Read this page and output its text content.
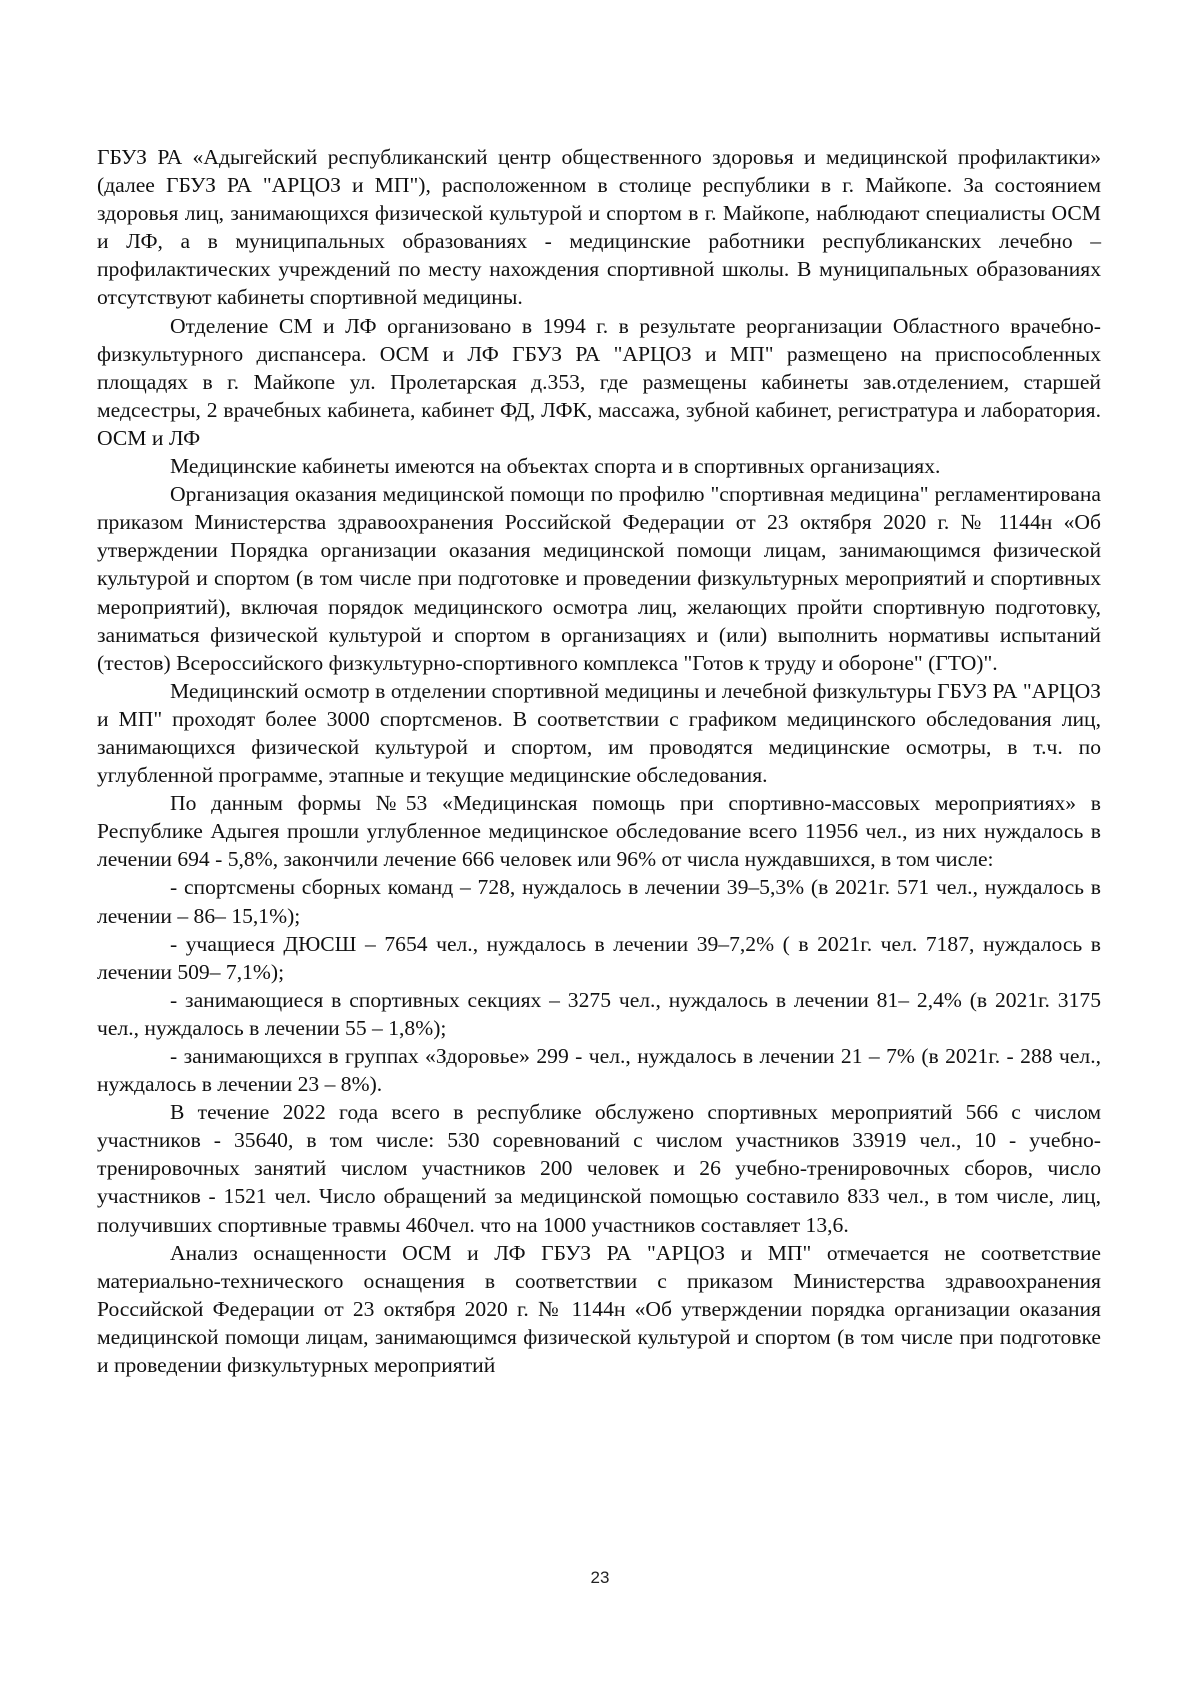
ГБУЗ РА «Адыгейский республиканский центр общественного здоровья и медицинской профилактики» (далее ГБУЗ РА "АРЦОЗ и МП"), расположенном в столице республики в г. Майкопе. За состоянием здоровья лиц, занимающихся физической культурой и спортом в г. Майкопе, наблюдают специалисты ОСМ и ЛФ, а в муниципальных образованиях - медицинские работники республиканских лечебно – профилактических учреждений по месту нахождения спортивной школы. В муниципальных образованиях отсутствуют кабинеты спортивной медицины.

Отделение СМ и ЛФ организовано в 1994 г. в результате реорганизации Областного врачебно-физкультурного диспансера. ОСМ и ЛФ ГБУЗ РА "АРЦОЗ и МП" размещено на приспособленных площадях в г. Майкопе ул. Пролетарская д.353, где размещены кабинеты зав.отделением, старшей медсестры, 2 врачебных кабинета, кабинет ФД, ЛФК, массажа, зубной кабинет, регистратура и лаборатория. ОСМ и ЛФ

Медицинские кабинеты имеются на объектах спорта и в спортивных организациях.

Организация оказания медицинской помощи по профилю "спортивная медицина" регламентирована приказом Министерства здравоохранения Российской Федерации от 23 октября 2020 г. № 1144н «Об утверждении Порядка организации оказания медицинской помощи лицам, занимающимся физической культурой и спортом (в том числе при подготовке и проведении физкультурных мероприятий и спортивных мероприятий), включая порядок медицинского осмотра лиц, желающих пройти спортивную подготовку, заниматься физической культурой и спортом в организациях и (или) выполнить нормативы испытаний (тестов) Всероссийского физкультурно-спортивного комплекса "Готов к труду и обороне" (ГТО)".

Медицинский осмотр в отделении спортивной медицины и лечебной физкультуры ГБУЗ РА "АРЦОЗ и МП" проходят более 3000 спортсменов. В соответствии с графиком медицинского обследования лиц, занимающихся физической культурой и спортом, им проводятся медицинские осмотры, в т.ч. по углубленной программе, этапные и текущие медицинские обследования.

По данным формы №53 «Медицинская помощь при спортивно-массовых мероприятиях» в Республике Адыгея прошли углубленное медицинское обследование всего 11956 чел., из них нуждалось в лечении 694 - 5,8%, закончили лечение 666 человек или 96% от числа нуждавшихся, в том числе:

- спортсмены сборных команд – 728, нуждалось в лечении 39–5,3% (в 2021г. 571 чел., нуждалось в лечении – 86– 15,1%);

- учащиеся ДЮСШ – 7654 чел., нуждалось в лечении 39–7,2% ( в 2021г. чел. 7187, нуждалось в лечении 509– 7,1%);

- занимающиеся в спортивных секциях – 3275 чел., нуждалось в лечении 81– 2,4% (в 2021г. 3175 чел., нуждалось в лечении 55 – 1,8%);

- занимающихся в группах «Здоровье» 299 - чел., нуждалось в лечении 21 – 7% (в 2021г. - 288 чел., нуждалось в лечении 23 – 8%).

В течение 2022 года всего в республике обслужено спортивных мероприятий 566 с числом участников - 35640, в том числе: 530 соревнований с числом участников 33919 чел., 10 - учебно-тренировочных занятий числом участников 200 человек и 26 учебно-тренировочных сборов, число участников - 1521 чел. Число обращений за медицинской помощью составило 833 чел., в том числе, лиц, получивших спортивные травмы 460чел. что на 1000 участников составляет 13,6.

Анализ оснащенности ОСМ и ЛФ ГБУЗ РА "АРЦОЗ и МП" отмечается не соответствие материально-технического оснащения в соответствии с приказом Министерства здравоохранения Российской Федерации от 23 октября 2020 г. № 1144н «Об утверждении порядка организации оказания медицинской помощи лицам, занимающимся физической культурой и спортом (в том числе при подготовке и проведении физкультурных мероприятий

23
